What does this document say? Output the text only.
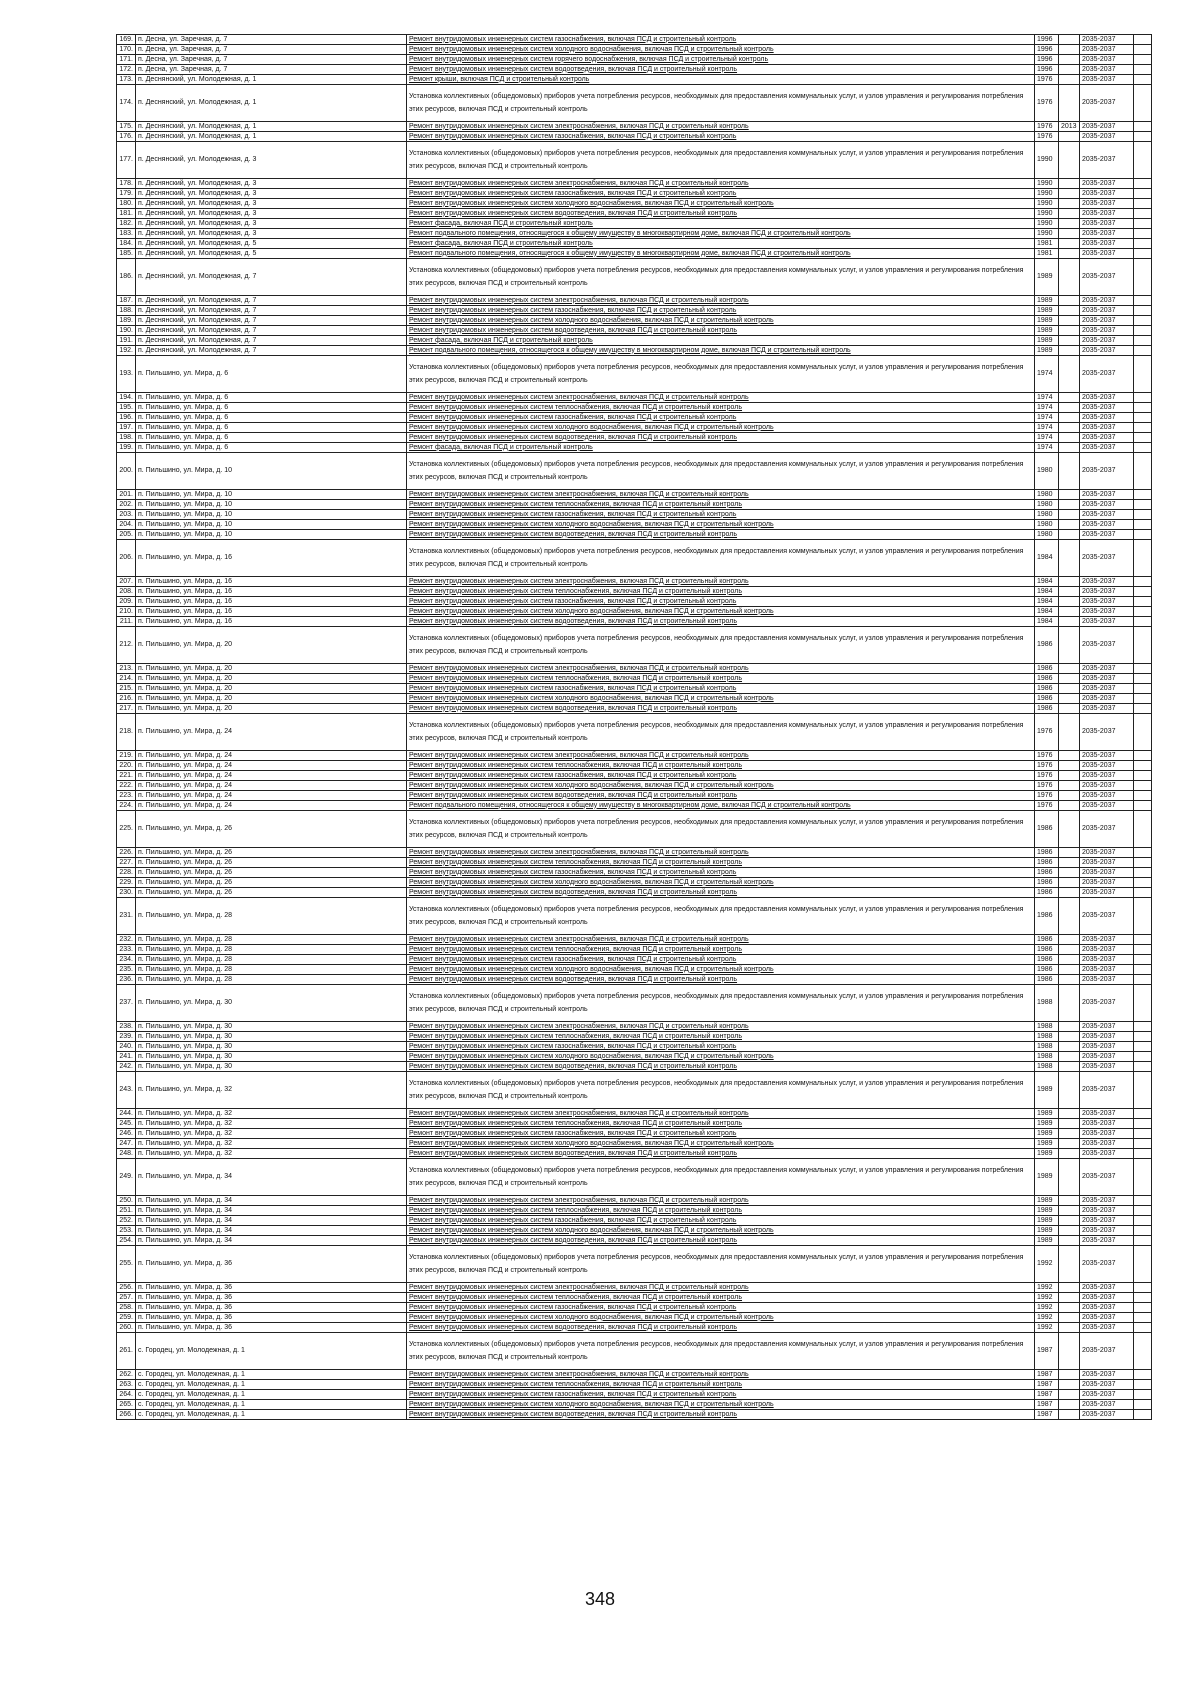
169.	п. Десна, ул. Заречная, д. 7	Ремонт внутридомовых инженерных систем газоснабжения, включая ПСД и строительный контроль	1996		2035-2037	
170.	п. Десна, ул. Заречная, д. 7	Ремонт внутридомовых инженерных систем холодного водоснабжения, включая ПСД и строительный контроль	1996		2035-2037	
171.	п. Десна, ул. Заречная, д. 7	Ремонт внутридомовых инженерных систем горячего водоснабжения, включая ПСД и строительный контроль	1996		2035-2037	
172.	п. Десна, ул. Заречная, д. 7	Ремонт внутридомовых инженерных систем водоотведения, включая ПСД и строительный контроль	1996		2035-2037	
173.	п. Деснянский, ул. Молодежная, д. 1	Ремонт крыши, включая ПСД и строительный контроль	1976		2035-2037	
174.	п. Деснянский, ул. Молодежная, д. 1	Установка коллективных (общедомовых) приборов учета потребления ресурсов, необходимых для предоставления коммунальных услуг, и узлов управления и регулирования потребления этих ресурсов, включая ПСД и строительный контроль	1976		2035-2037	
175.	п. Деснянский, ул. Молодежная, д. 1	Ремонт внутридомовых инженерных систем электроснабжения, включая ПСД и строительный контроль	1976	2013	2035-2037	
176.	п. Деснянский, ул. Молодежная, д. 1	Ремонт внутридомовых инженерных систем газоснабжения, включая ПСД и строительный контроль	1976		2035-2037	
177.	п. Деснянский, ул. Молодежная, д. 3	Установка коллективных (общедомовых) приборов учета потребления ресурсов, необходимых для предоставления коммунальных услуг, и узлов управления и регулирования потребления этих ресурсов, включая ПСД и строительный контроль	1990		2035-2037	
178.	п. Деснянский, ул. Молодежная, д. 3	Ремонт внутридомовых инженерных систем электроснабжения, включая ПСД и строительный контроль	1990		2035-2037	
179.	п. Деснянский, ул. Молодежная, д. 3	Ремонт внутридомовых инженерных систем газоснабжения, включая ПСД и строительный контроль	1990		2035-2037	
180.	п. Деснянский, ул. Молодежная, д. 3	Ремонт внутридомовых инженерных систем холодного водоснабжения, включая ПСД и строительный контроль	1990		2035-2037	
181.	п. Деснянский, ул. Молодежная, д. 3	Ремонт внутридомовых инженерных систем водоотведения, включая ПСД и строительный контроль	1990		2035-2037	
182.	п. Деснянский, ул. Молодежная, д. 3	Ремонт фасада, включая ПСД и строительный контроль	1990		2035-2037	
183.	п. Деснянский, ул. Молодежная, д. 3	Ремонт подвального помещения, относящегося к общему имуществу в многоквартирном доме, включая ПСД и строительный контроль	1990		2035-2037	
184.	п. Деснянский, ул. Молодежная, д. 5	Ремонт фасада, включая ПСД и строительный контроль	1981		2035-2037	
185.	п. Деснянский, ул. Молодежная, д. 5	Ремонт подвального помещения, относящегося к общему имуществу в многоквартирном доме, включая ПСД и строительный контроль	1981		2035-2037	
186.	п. Деснянский, ул. Молодежная, д. 7	Установка коллективных (общедомовых) приборов учета потребления ресурсов, необходимых для предоставления коммунальных услуг, и узлов управления и регулирования потребления этих ресурсов, включая ПСД и строительный контроль	1989		2035-2037	
187.	п. Деснянский, ул. Молодежная, д. 7	Ремонт внутридомовых инженерных систем электроснабжения, включая ПСД и строительный контроль	1989		2035-2037	
188.	п. Деснянский, ул. Молодежная, д. 7	Ремонт внутридомовых инженерных систем газоснабжения, включая ПСД и строительный контроль	1989		2035-2037	
189.	п. Деснянский, ул. Молодежная, д. 7	Ремонт внутридомовых инженерных систем холодного водоснабжения, включая ПСД и строительный контроль	1989		2035-2037	
190.	п. Деснянский, ул. Молодежная, д. 7	Ремонт внутридомовых инженерных систем водоотведения, включая ПСД и строительный контроль	1989		2035-2037	
191.	п. Деснянский, ул. Молодежная, д. 7	Ремонт фасада, включая ПСД и строительный контроль	1989		2035-2037	
192.	п. Деснянский, ул. Молодежная, д. 7	Ремонт подвального помещения, относящегося к общему имуществу в многоквартирном доме, включая ПСД и строительный контроль	1989		2035-2037	
193.	п. Пильшино, ул. Мира, д. 6	Установка коллективных (общедомовых) приборов учета потребления ресурсов, необходимых для предоставления коммунальных услуг, и узлов управления и регулирования потребления этих ресурсов, включая ПСД и строительный контроль	1974		2035-2037	
194.	п. Пильшино, ул. Мира, д. 6	Ремонт внутридомовых инженерных систем электроснабжения, включая ПСД и строительный контроль	1974		2035-2037	
195.	п. Пильшино, ул. Мира, д. 6	Ремонт внутридомовых инженерных систем теплоснабжения, включая ПСД и строительный контроль	1974		2035-2037	
196.	п. Пильшино, ул. Мира, д. 6	Ремонт внутридомовых инженерных систем газоснабжения, включая ПСД и строительный контроль	1974		2035-2037	
197.	п. Пильшино, ул. Мира, д. 6	Ремонт внутридомовых инженерных систем холодного водоснабжения, включая ПСД и строительный контроль	1974		2035-2037	
198.	п. Пильшино, ул. Мира, д. 6	Ремонт внутридомовых инженерных систем водоотведения, включая ПСД и строительный контроль	1974		2035-2037	
199.	п. Пильшино, ул. Мира, д. 6	Ремонт фасада, включая ПСД и строительный контроль	1974		2035-2037	
200.	п. Пильшино, ул. Мира, д. 10	Установка коллективных (общедомовых) приборов учета потребления ресурсов, необходимых для предоставления коммунальных услуг, и узлов управления и регулирования потребления этих ресурсов, включая ПСД и строительный контроль	1980		2035-2037	
201.	п. Пильшино, ул. Мира, д. 10	Ремонт внутридомовых инженерных систем электроснабжения, включая ПСД и строительный контроль	1980		2035-2037	
202.	п. Пильшино, ул. Мира, д. 10	Ремонт внутридомовых инженерных систем теплоснабжения, включая ПСД и строительный контроль	1980		2035-2037	
203.	п. Пильшино, ул. Мира, д. 10	Ремонт внутридомовых инженерных систем газоснабжения, включая ПСД и строительный контроль	1980		2035-2037	
204.	п. Пильшино, ул. Мира, д. 10	Ремонт внутридомовых инженерных систем холодного водоснабжения, включая ПСД и строительный контроль	1980		2035-2037	
205.	п. Пильшино, ул. Мира, д. 10	Ремонт внутридомовых инженерных систем водоотведения, включая ПСД и строительный контроль	1980		2035-2037	
206.	п. Пильшино, ул. Мира, д. 16	Установка коллективных (общедомовых) приборов учета потребления ресурсов, необходимых для предоставления коммунальных услуг, и узлов управления и регулирования потребления этих ресурсов, включая ПСД и строительный контроль	1984		2035-2037	
207.	п. Пильшино, ул. Мира, д. 16	Ремонт внутридомовых инженерных систем электроснабжения, включая ПСД и строительный контроль	1984		2035-2037	
208.	п. Пильшино, ул. Мира, д. 16	Ремонт внутридомовых инженерных систем теплоснабжения, включая ПСД и строительный контроль	1984		2035-2037	
209.	п. Пильшино, ул. Мира, д. 16	Ремонт внутридомовых инженерных систем газоснабжения, включая ПСД и строительный контроль	1984		2035-2037	
210.	п. Пильшино, ул. Мира, д. 16	Ремонт внутридомовых инженерных систем холодного водоснабжения, включая ПСД и строительный контроль	1984		2035-2037	
211.	п. Пильшино, ул. Мира, д. 16	Ремонт внутридомовых инженерных систем водоотведения, включая ПСД и строительный контроль	1984		2035-2037	
212.	п. Пильшино, ул. Мира, д. 20	Установка коллективных (общедомовых) приборов учета потребления ресурсов, необходимых для предоставления коммунальных услуг, и узлов управления и регулирования потребления этих ресурсов, включая ПСД и строительный контроль	1986		2035-2037	
213.	п. Пильшино, ул. Мира, д. 20	Ремонт внутридомовых инженерных систем электроснабжения, включая ПСД и строительный контроль	1986		2035-2037	
214.	п. Пильшино, ул. Мира, д. 20	Ремонт внутридомовых инженерных систем теплоснабжения, включая ПСД и строительный контроль	1986		2035-2037	
215.	п. Пильшино, ул. Мира, д. 20	Ремонт внутридомовых инженерных систем газоснабжения, включая ПСД и строительный контроль	1986		2035-2037	
216.	п. Пильшино, ул. Мира, д. 20	Ремонт внутридомовых инженерных систем холодного водоснабжения, включая ПСД и строительный контроль	1986		2035-2037	
217.	п. Пильшино, ул. Мира, д. 20	Ремонт внутридомовых инженерных систем водоотведения, включая ПСД и строительный контроль	1986		2035-2037	
218.	п. Пильшино, ул. Мира, д. 24	Установка коллективных (общедомовых) приборов учета потребления ресурсов, необходимых для предоставления коммунальных услуг, и узлов управления и регулирования потребления этих ресурсов, включая ПСД и строительный контроль	1976		2035-2037	
219.	п. Пильшино, ул. Мира, д. 24	Ремонт внутридомовых инженерных систем электроснабжения, включая ПСД и строительный контроль	1976		2035-2037	
220.	п. Пильшино, ул. Мира, д. 24	Ремонт внутридомовых инженерных систем теплоснабжения, включая ПСД и строительный контроль	1976		2035-2037	
221.	п. Пильшино, ул. Мира, д. 24	Ремонт внутридомовых инженерных систем газоснабжения, включая ПСД и строительный контроль	1976		2035-2037	
222.	п. Пильшино, ул. Мира, д. 24	Ремонт внутридомовых инженерных систем холодного водоснабжения, включая ПСД и строительный контроль	1976		2035-2037	
223.	п. Пильшино, ул. Мира, д. 24	Ремонт внутридомовых инженерных систем водоотведения, включая ПСД и строительный контроль	1976		2035-2037	
224.	п. Пильшино, ул. Мира, д. 24	Ремонт подвального помещения, относящегося к общему имуществу в многоквартирном доме, включая ПСД и строительный контроль	1976		2035-2037	
225.	п. Пильшино, ул. Мира, д. 26	Установка коллективных (общедомовых) приборов учета потребления ресурсов, необходимых для предоставления коммунальных услуг, и узлов управления и регулирования потребления этих ресурсов, включая ПСД и строительный контроль	1986		2035-2037	
226.	п. Пильшино, ул. Мира, д. 26	Ремонт внутридомовых инженерных систем электроснабжения, включая ПСД и строительный контроль	1986		2035-2037	
227.	п. Пильшино, ул. Мира, д. 26	Ремонт внутридомовых инженерных систем теплоснабжения, включая ПСД и строительный контроль	1986		2035-2037	
228.	п. Пильшино, ул. Мира, д. 26	Ремонт внутридомовых инженерных систем газоснабжения, включая ПСД и строительный контроль	1986		2035-2037	
229.	п. Пильшино, ул. Мира, д. 26	Ремонт внутридомовых инженерных систем холодного водоснабжения, включая ПСД и строительный контроль	1986		2035-2037	
230.	п. Пильшино, ул. Мира, д. 26	Ремонт внутридомовых инженерных систем водоотведения, включая ПСД и строительный контроль	1986		2035-2037	
231.	п. Пильшино, ул. Мира, д. 28	Установка коллективных (общедомовых) приборов учета потребления ресурсов, необходимых для предоставления коммунальных услуг, и узлов управления и регулирования потребления этих ресурсов, включая ПСД и строительный контроль	1986		2035-2037	
232.	п. Пильшино, ул. Мира, д. 28	Ремонт внутридомовых инженерных систем электроснабжения, включая ПСД и строительный контроль	1986		2035-2037	
233.	п. Пильшино, ул. Мира, д. 28	Ремонт внутридомовых инженерных систем теплоснабжения, включая ПСД и строительный контроль	1986		2035-2037	
234.	п. Пильшино, ул. Мира, д. 28	Ремонт внутридомовых инженерных систем газоснабжения, включая ПСД и строительный контроль	1986		2035-2037	
235.	п. Пильшино, ул. Мира, д. 28	Ремонт внутридомовых инженерных систем холодного водоснабжения, включая ПСД и строительный контроль	1986		2035-2037	
236.	п. Пильшино, ул. Мира, д. 28	Ремонт внутридомовых инженерных систем водоотведения, включая ПСД и строительный контроль	1986		2035-2037	
237.	п. Пильшино, ул. Мира, д. 30	Установка коллективных (общедомовых) приборов учета потребления ресурсов, необходимых для предоставления коммунальных услуг, и узлов управления и регулирования потребления этих ресурсов, включая ПСД и строительный контроль	1988		2035-2037	
238.	п. Пильшино, ул. Мира, д. 30	Ремонт внутридомовых инженерных систем электроснабжения, включая ПСД и строительный контроль	1988		2035-2037	
239.	п. Пильшино, ул. Мира, д. 30	Ремонт внутридомовых инженерных систем теплоснабжения, включая ПСД и строительный контроль	1988		2035-2037	
240.	п. Пильшино, ул. Мира, д. 30	Ремонт внутридомовых инженерных систем газоснабжения, включая ПСД и строительный контроль	1988		2035-2037	
241.	п. Пильшино, ул. Мира, д. 30	Ремонт внутридомовых инженерных систем холодного водоснабжения, включая ПСД и строительный контроль	1988		2035-2037	
242.	п. Пильшино, ул. Мира, д. 30	Ремонт внутридомовых инженерных систем водоотведения, включая ПСД и строительный контроль	1988		2035-2037	
243.	п. Пильшино, ул. Мира, д. 32	Установка коллективных (общедомовых) приборов учета потребления ресурсов, необходимых для предоставления коммунальных услуг, и узлов управления и регулирования потребления этих ресурсов, включая ПСД и строительный контроль	1989		2035-2037	
244.	п. Пильшино, ул. Мира, д. 32	Ремонт внутридомовых инженерных систем электроснабжения, включая ПСД и строительный контроль	1989		2035-2037	
245.	п. Пильшино, ул. Мира, д. 32	Ремонт внутридомовых инженерных систем теплоснабжения, включая ПСД и строительный контроль	1989		2035-2037	
246.	п. Пильшино, ул. Мира, д. 32	Ремонт внутридомовых инженерных систем газоснабжения, включая ПСД и строительный контроль	1989		2035-2037	
247.	п. Пильшино, ул. Мира, д. 32	Ремонт внутридомовых инженерных систем холодного водоснабжения, включая ПСД и строительный контроль	1989		2035-2037	
248.	п. Пильшино, ул. Мира, д. 32	Ремонт внутридомовых инженерных систем водоотведения, включая ПСД и строительный контроль	1989		2035-2037	
249.	п. Пильшино, ул. Мира, д. 34	Установка коллективных (общедомовых) приборов учета потребления ресурсов, необходимых для предоставления коммунальных услуг, и узлов управления и регулирования потребления этих ресурсов, включая ПСД и строительный контроль	1989		2035-2037	
250.	п. Пильшино, ул. Мира, д. 34	Ремонт внутридомовых инженерных систем электроснабжения, включая ПСД и строительный контроль	1989		2035-2037	
251.	п. Пильшино, ул. Мира, д. 34	Ремонт внутридомовых инженерных систем теплоснабжения, включая ПСД и строительный контроль	1989		2035-2037	
252.	п. Пильшино, ул. Мира, д. 34	Ремонт внутридомовых инженерных систем газоснабжения, включая ПСД и строительный контроль	1989		2035-2037	
253.	п. Пильшино, ул. Мира, д. 34	Ремонт внутридомовых инженерных систем холодного водоснабжения, включая ПСД и строительный контроль	1989		2035-2037	
254.	п. Пильшино, ул. Мира, д. 34	Ремонт внутридомовых инженерных систем водоотведения, включая ПСД и строительный контроль	1989		2035-2037	
255.	п. Пильшино, ул. Мира, д. 36	Установка коллективных (общедомовых) приборов учета потребления ресурсов, необходимых для предоставления коммунальных услуг, и узлов управления и регулирования потребления этих ресурсов, включая ПСД и строительный контроль	1992		2035-2037	
256.	п. Пильшино, ул. Мира, д. 36	Ремонт внутридомовых инженерных систем электроснабжения, включая ПСД и строительный контроль	1992		2035-2037	
257.	п. Пильшино, ул. Мира, д. 36	Ремонт внутридомовых инженерных систем теплоснабжения, включая ПСД и строительный контроль	1992		2035-2037	
258.	п. Пильшино, ул. Мира, д. 36	Ремонт внутридомовых инженерных систем газоснабжения, включая ПСД и строительный контроль	1992		2035-2037	
259.	п. Пильшино, ул. Мира, д. 36	Ремонт внутридомовых инженерных систем холодного водоснабжения, включая ПСД и строительный контроль	1992		2035-2037	
260.	п. Пильшино, ул. Мира, д. 36	Ремонт внутридомовых инженерных систем водоотведения, включая ПСД и строительный контроль	1992		2035-2037	
261.	с. Городец, ул. Молодежная, д. 1	Установка коллективных (общедомовых) приборов учета потребления ресурсов, необходимых для предоставления коммунальных услуг, и узлов управления и регулирования потребления этих ресурсов, включая ПСД и строительный контроль	1987		2035-2037	
262.	с. Городец, ул. Молодежная, д. 1	Ремонт внутридомовых инженерных систем электроснабжения, включая ПСД и строительный контроль	1987		2035-2037	
263.	с. Городец, ул. Молодежная, д. 1	Ремонт внутридомовых инженерных систем теплоснабжения, включая ПСД и строительный контроль	1987		2035-2037	
264.	с. Городец, ул. Молодежная, д. 1	Ремонт внутридомовых инженерных систем газоснабжения, включая ПСД и строительный контроль	1987		2035-2037	
265.	с. Городец, ул. Молодежная, д. 1	Ремонт внутридомовых инженерных систем холодного водоснабжения, включая ПСД и строительный контроль	1987		2035-2037	
266.	с. Городец, ул. Молодежная, д. 1	Ремонт внутридомовых инженерных систем водоотведения, включая ПСД и строительный контроль	1987		2035-2037	
348
